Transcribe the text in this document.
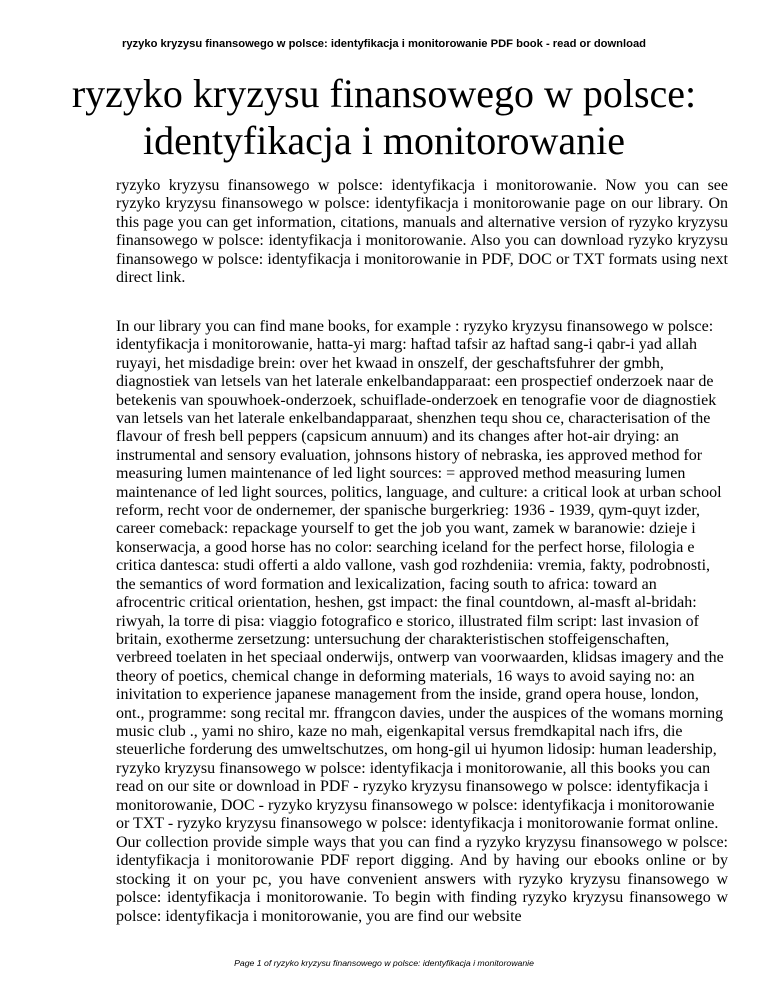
ryzyko kryzysu finansowego w polsce: identyfikacja i monitorowanie PDF book - read or download
ryzyko kryzysu finansowego w polsce: identyfikacja i monitorowanie

ryzyko kryzysu finansowego w polsce: identyfikacja i monitorowanie. Now you can see ryzyko kryzysu finansowego w polsce: identyfikacja i monitorowanie page on our library. On this page you can get information, citations, manuals and alternative version of ryzyko kryzysu finansowego w polsce: identyfikacja i monitorowanie. Also you can download ryzyko kryzysu finansowego w polsce: identyfikacja i monitorowanie in PDF, DOC or TXT formats using next direct link.

In our library you can find mane books, for example : ryzyko kryzysu finansowego w polsce: identyfikacja i monitorowanie, hatta-yi marg: haftad tafsir az haftad sang-i qabr-i yad allah ruyayi, het misdadige brein: over het kwaad in onszelf, der geschaftsfuhrer der gmbh, diagnostiek van letsels van het laterale enkelbandapparaat: een prospectief onderzoek naar de betekenis van spouwhoek-onderzoek, schuiflade-onderzoek en tenografie voor de diagnostiek van letsels van het laterale enkelbandapparaat, shenzhen tequ shou ce, characterisation of the flavour of fresh bell peppers (capsicum annuum) and its changes after hot-air drying: an instrumental and sensory evaluation, johnsons history of nebraska, ies approved method for measuring lumen maintenance of led light sources: = approved method measuring lumen maintenance of led light sources, politics, language, and culture: a critical look at urban school reform, recht voor de ondernemer, der spanische burgerkrieg: 1936 - 1939, qym-quyt izder, career comeback: repackage yourself to get the job you want, zamek w baranowie: dzieje i konserwacja, a good horse has no color: searching iceland for the perfect horse, filologia e critica dantesca: studi offerti a aldo vallone, vash god rozhdeniia: vremia, fakty, podrobnosti, the semantics of word formation and lexicalization, facing south to africa: toward an afrocentric critical orientation, heshen, gst impact: the final countdown, al-masft al-bridah: riwyah, la torre di pisa: viaggio fotografico e storico, illustrated film script: last invasion of britain, exotherme zersetzung: untersuchung der charakteristischen stoffeigenschaften, verbreed toelaten in het speciaal onderwijs, ontwerp van voorwaarden, klidsas imagery and the theory of poetics, chemical change in deforming materials, 16 ways to avoid saying no: an inivitation to experience japanese management from the inside, grand opera house, london, ont., programme: song recital mr. ffrangcon davies, under the auspices of the womans morning music club ., yami no shiro, kaze no mah, eigenkapital versus fremdkapital nach ifrs, die steuerliche forderung des umweltschutzes, om hong-gil ui hyumon lidosip: human leadership, ryzyko kryzysu finansowego w polsce: identyfikacja i monitorowanie, all this books you can read on our site or download in PDF - ryzyko kryzysu finansowego w polsce: identyfikacja i monitorowanie, DOC - ryzyko kryzysu finansowego w polsce: identyfikacja i monitorowanie or TXT - ryzyko kryzysu finansowego w polsce: identyfikacja i monitorowanie format online.

Our collection provide simple ways that you can find a ryzyko kryzysu finansowego w polsce: identyfikacja i monitorowanie PDF report digging. And by having our ebooks online or by stocking it on your pc, you have convenient answers with ryzyko kryzysu finansowego w polsce: identyfikacja i monitorowanie. To begin with finding ryzyko kryzysu finansowego w polsce: identyfikacja i monitorowanie, you are find our website

Page 1 of ryzyko kryzysu finansowego w polsce: identyfikacja i monitorowanie
